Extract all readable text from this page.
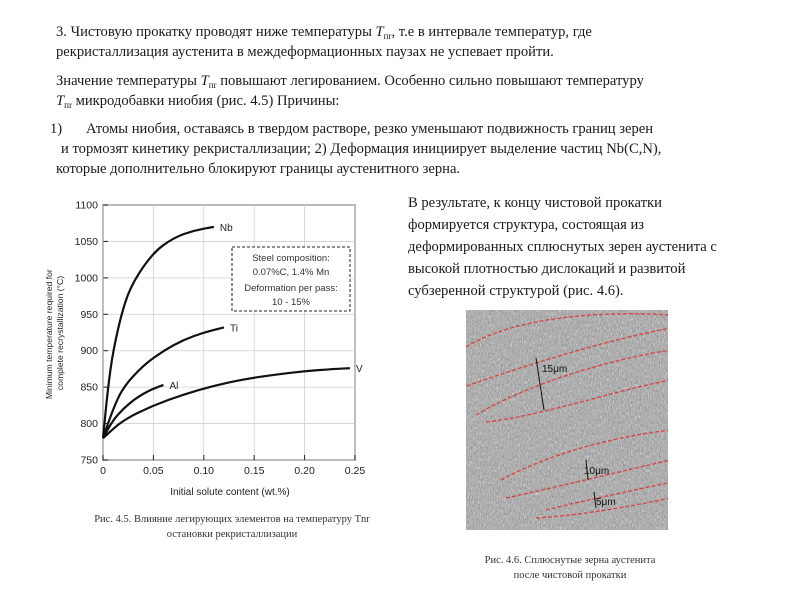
3. Чистовую прокатку проводят ниже температуры $T_{пr}$, т.е в интервале температур, где
рекристаллизация аустенита в междеформационных паузах не успевает пройти.
Значение температуры $T_{пr}$ повышают легированием. Особенно сильно повышают температуру
$T_{пr}$ микродобавки ниобия (рис. 4.5) Причины:
1) Атомы ниобия, оставаясь в твердом растворе, резко уменьшают подвижность границ зерен
и тормозят кинетику рекристаллизации; 2) Деформация инициирует выделение частиц Nb(C,N),
которые дополнительно блокируют границы аустенитного зерна.
В результате, к концу чистовой прокатки
формируется структура, состоящая из
деформированных сплюснутых зерен аустенита с
высокой плотностью дислокаций и развитой
субзеренной структурой (рис. 4.6).
750
800
850
900
950
1000
1050
1100
0	0.05	0.10	0.15	0.20	0.25
Nb
Ti
Al
V
Initial solute content (wt.%)
Minimum temperature required for complete recrystallization (°C)
Steel composition:
0.07%C, 1.4% Mn
Deformation per pass:
10 - 15%
Рис. 4.5. Влияние легирующих элементов на температуру Tnr
остановки рекристаллизации
15μm
10μm
5μm
Рис. 4.6. Сплюснутые зерна аустенита
после чистовой прокатки
